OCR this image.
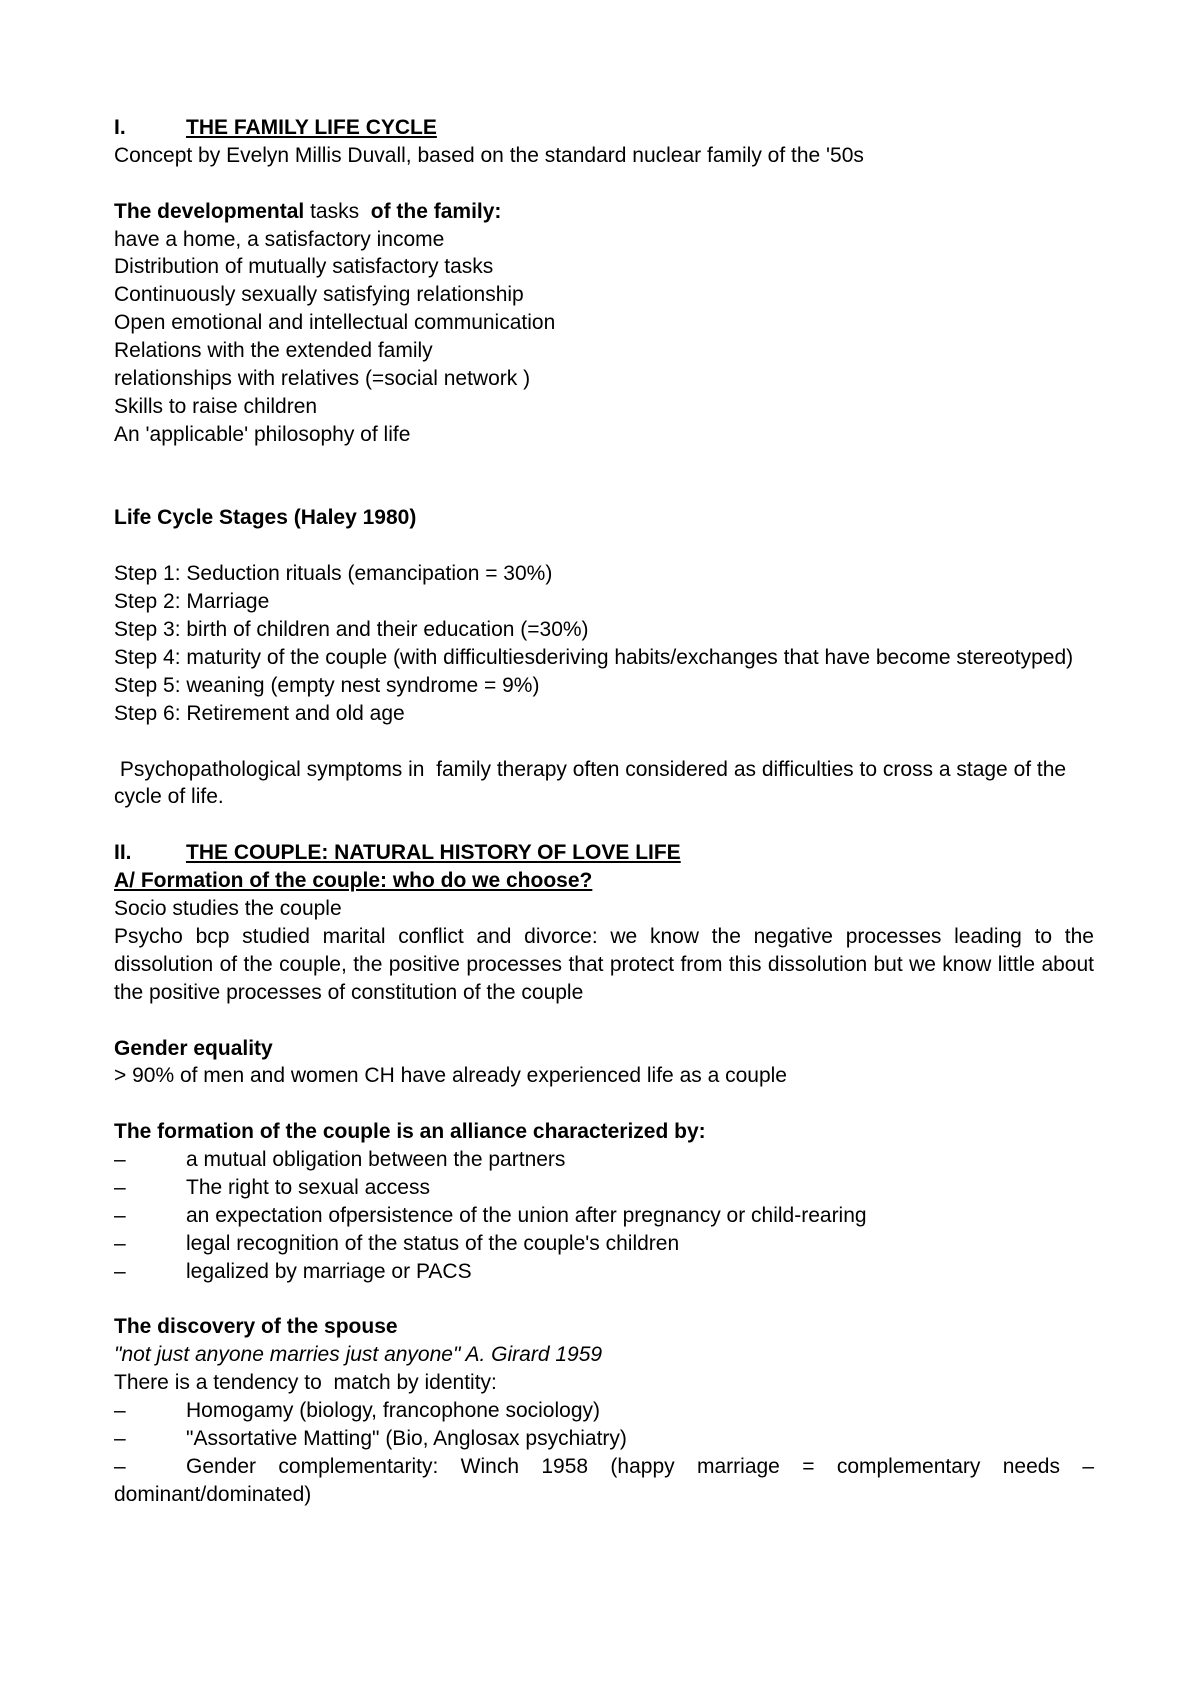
I.	THE FAMILY LIFE CYCLE
Concept by Evelyn Millis Duvall, based on the standard nuclear family of the '50s
The developmental tasks of the family:
have a home, a satisfactory income
Distribution of mutually satisfactory tasks
Continuously sexually satisfying relationship
Open emotional and intellectual communication
Relations with the extended family
relationships with relatives (=social network )
Skills to raise children
An 'applicable' philosophy of life
Life Cycle Stages (Haley 1980)
Step 1: Seduction rituals (emancipation = 30%)
Step 2: Marriage
Step 3: birth of children and their education (=30%)
Step 4: maturity of the couple (with difficultiesderiving habits/exchanges that have become stereotyped)
Step 5: weaning (empty nest syndrome = 9%)
Step 6: Retirement and old age
Psychopathological symptoms in  family therapy often considered as difficulties to cross a stage of the cycle of life.
II.	THE COUPLE: NATURAL HISTORY OF LOVE LIFE
A/ Formation of the couple: who do we choose?
Socio studies the couple
Psycho bcp studied marital conflict and divorce: we know the negative processes leading to the dissolution of the couple, the positive processes that protect from this dissolution but we know little about the positive processes of constitution of the couple
Gender equality
> 90% of men and women CH have already experienced life as a couple
The formation of the couple is an alliance characterized by:
–	a mutual obligation between the partners
–	The right to sexual access
–	an expectation ofpersistence of the union after pregnancy or child-rearing
–	legal recognition of the status of the couple's children
–	legalized by marriage or PACS
The discovery of the spouse
"not just anyone marries just anyone" A. Girard 1959
There is a tendency to  match by identity:
–	Homogamy (biology, francophone sociology)
–	"Assortative Matting" (Bio, Anglosax psychiatry)
–	Gender complementarity: Winch 1958 (happy marriage = complementary needs – dominant/dominated)
